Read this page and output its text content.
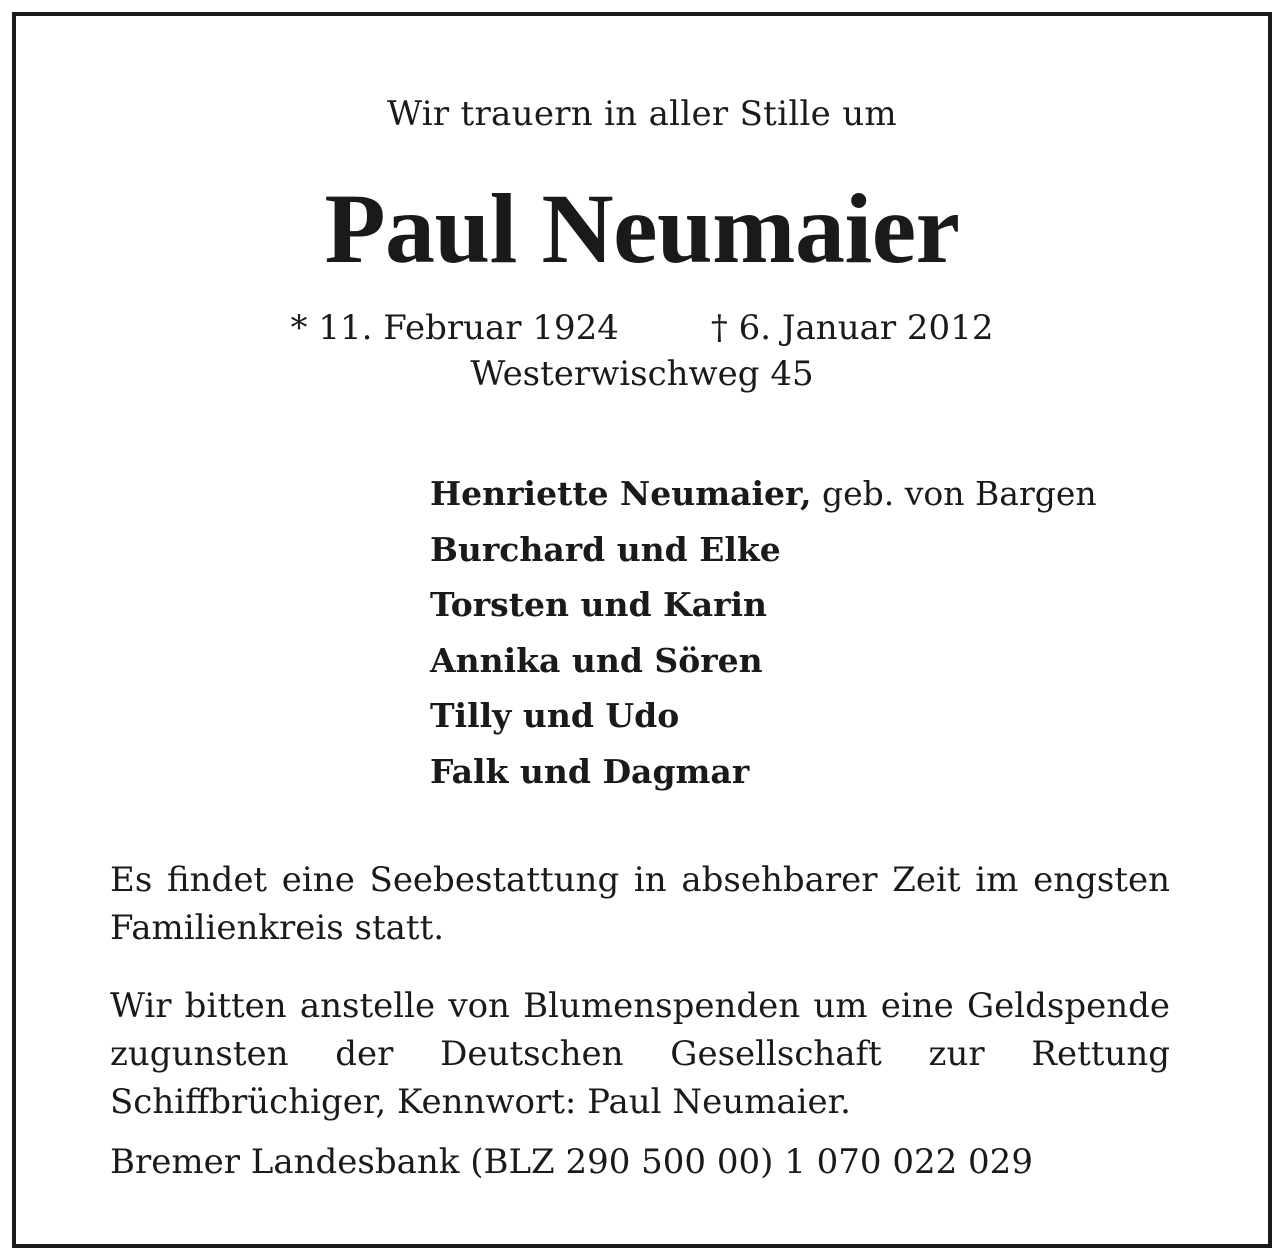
Wir trauern in aller Stille um
Paul Neumaier
* 11. Februar 1924	† 6. Januar 2012
Westerwischweg 45
Henriette Neumaier, geb. von Bargen
Burchard und Elke
Torsten und Karin
Annika und Sören
Tilly und Udo
Falk und Dagmar

Es findet eine Seebestattung in absehbarer Zeit im engsten Familienkreis statt.

Wir bitten anstelle von Blumenspenden um eine Geldspende zugunsten der Deutschen Gesellschaft zur Rettung Schiffbrüchiger, Kennwort: Paul Neumaier.

Bremer Landesbank (BLZ 290 500 00) 1 070 022 029
